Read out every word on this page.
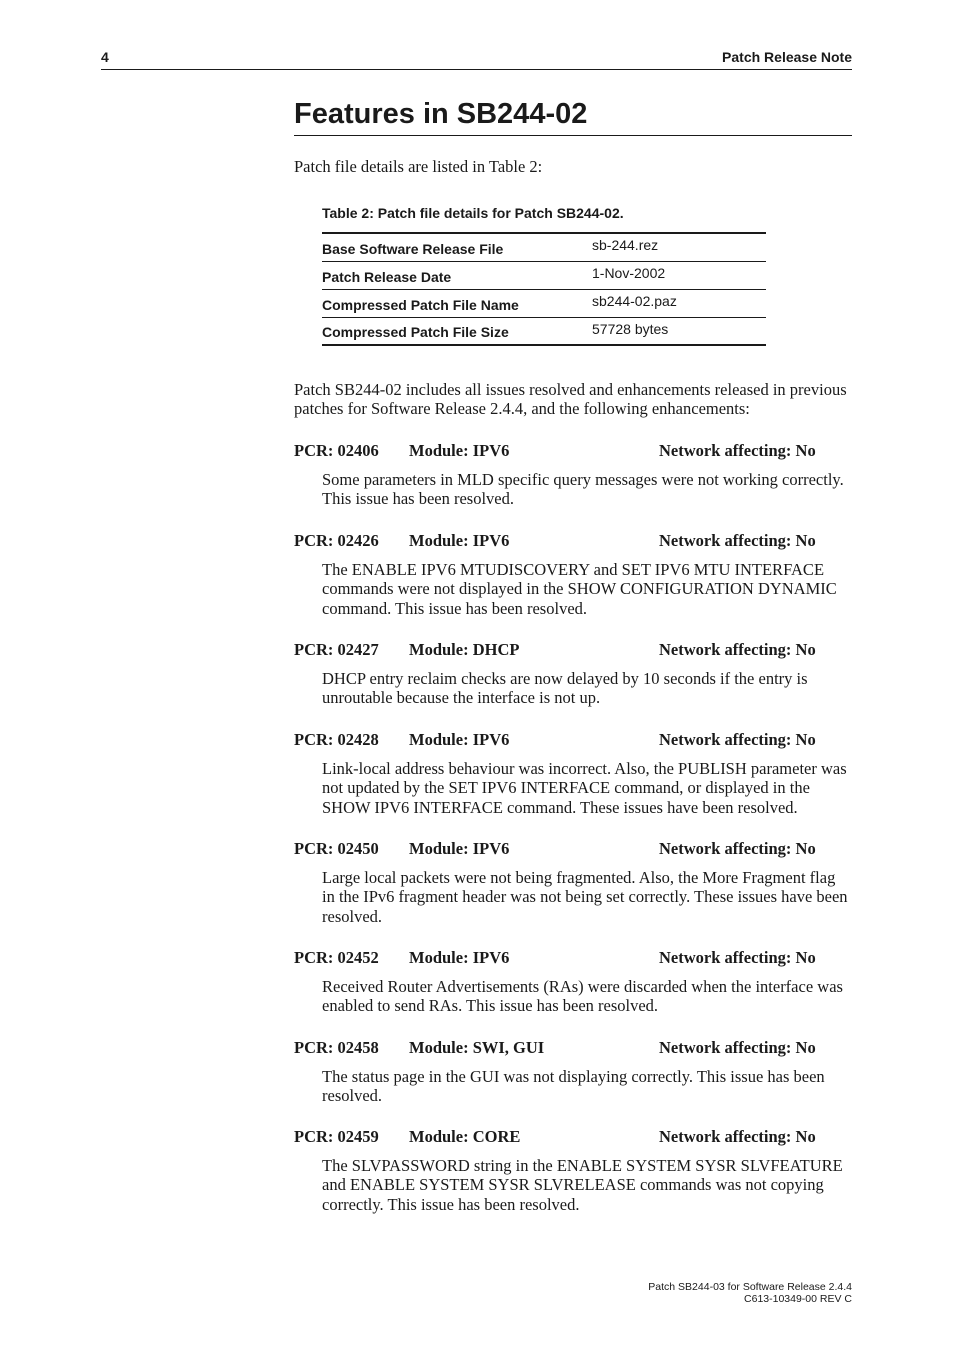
4	Patch Release Note
Features in SB244-02

Patch file details are listed in Table 2:

Table 2: Patch file details for Patch SB244-02.
Base Software Release File	sb-244.rez
Patch Release Date	1-Nov-2002
Compressed Patch File Name	sb244-02.paz
Compressed Patch File Size	57728 bytes

Patch SB244-02 includes all issues resolved and enhancements released in previous patches for Software Release 2.4.4, and the following enhancements:

PCR: 02406 Module: IPV6	Network affecting: No
Some parameters in MLD specific query messages were not working correctly. This issue has been resolved.
PCR: 02426 Module: IPV6	Network affecting: No
The ENABLE IPV6 MTUDISCOVERY and SET IPV6 MTU INTERFACE commands were not displayed in the SHOW CONFIGURATION DYNAMIC command. This issue has been resolved.
PCR: 02427 Module: DHCP	Network affecting: No
DHCP entry reclaim checks are now delayed by 10 seconds if the entry is unroutable because the interface is not up.
PCR: 02428 Module: IPV6	Network affecting: No
Link-local address behaviour was incorrect. Also, the PUBLISH parameter was not updated by the SET IPV6 INTERFACE command, or displayed in the SHOW IPV6 INTERFACE command. These issues have been resolved.
PCR: 02450 Module: IPV6	Network affecting: No
Large local packets were not being fragmented. Also, the More Fragment flag in the IPv6 fragment header was not being set correctly. These issues have been resolved.
PCR: 02452 Module: IPV6	Network affecting: No
Received Router Advertisements (RAs) were discarded when the interface was enabled to send RAs. This issue has been resolved.
PCR: 02458 Module: SWI, GUI	Network affecting: No
The status page in the GUI was not displaying correctly. This issue has been resolved.
PCR: 02459 Module: CORE	Network affecting: No
The SLVPASSWORD string in the ENABLE SYSTEM SYSR SLVFEATURE and ENABLE SYSTEM SYSR SLVRELEASE commands was not copying correctly. This issue has been resolved.
Patch SB244-03 for Software Release 2.4.4
C613-10349-00 REV C
